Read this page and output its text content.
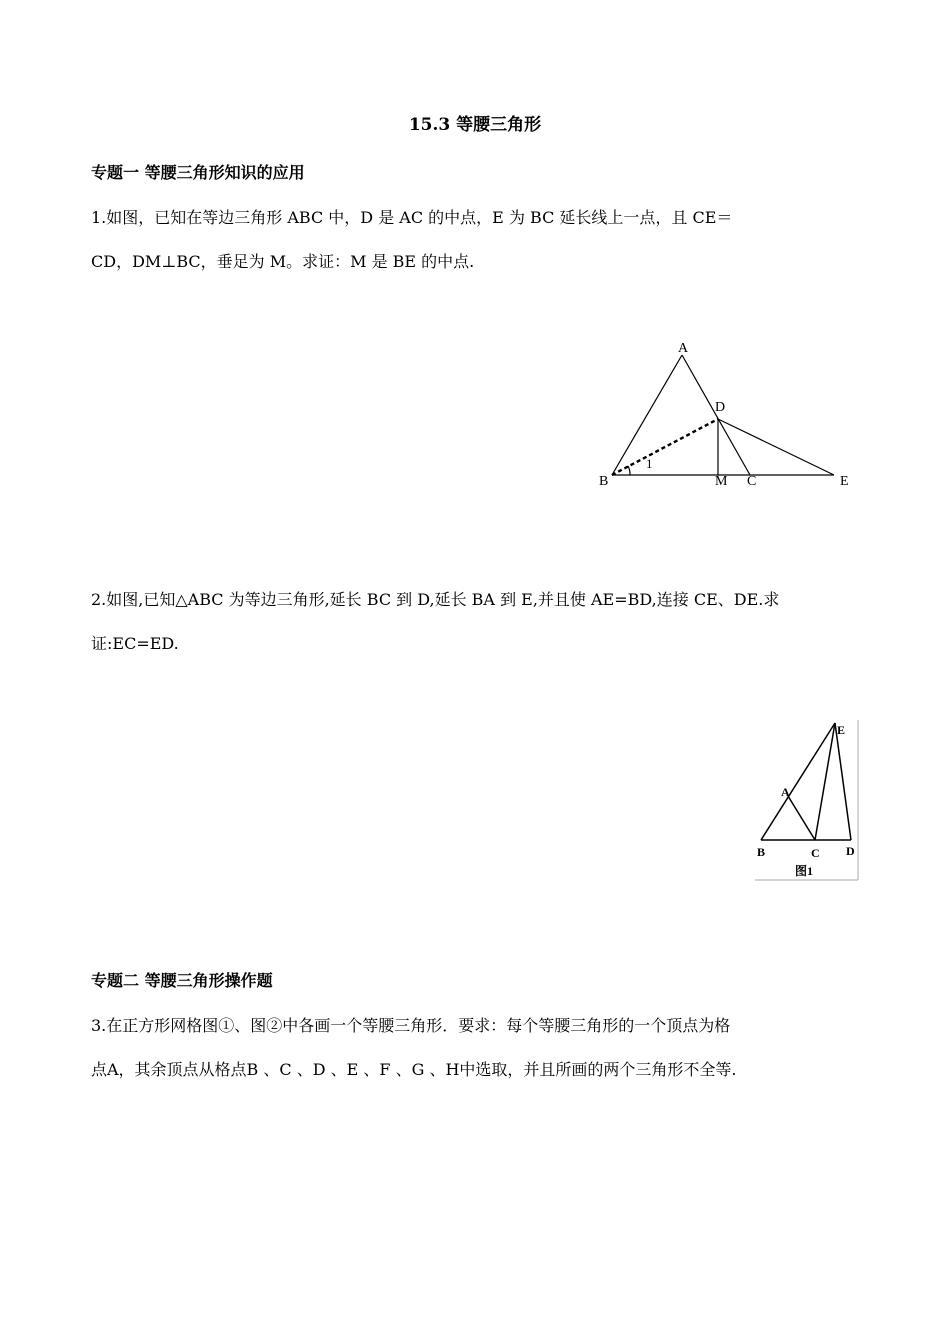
15.3 等腰三角形
专题一 等腰三角形知识的应用
1.如图，已知在等边三角形 ABC 中，D 是 AC 的中点，E 为 BC 延长线上一点，且 CE＝
CD，DM⊥BC，垂足为 M。求证：M 是 BE 的中点.
A
D
B	M C	E
1
2.如图,已知△ABC 为等边三角形,延长 BC 到 D,延长 BA 到 E,并且使 AE=BD,连接 CE、DE.求
证:EC=ED.
E
A
B	C D
图1
专题二 等腰三角形操作题
3.在正方形网格图①、图②中各画一个等腰三角形．要求：每个等腰三角形的一个顶点为格
点A，其余顶点从格点B 、C 、D 、E 、F 、G 、H中选取，并且所画的两个三角形不全等.
